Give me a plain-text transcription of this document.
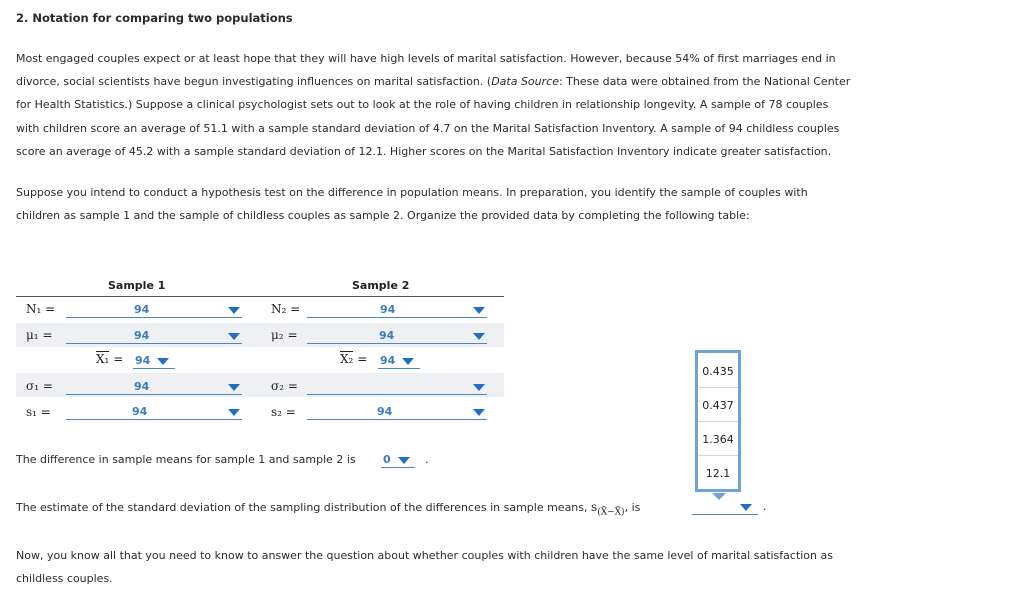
2. Notation for comparing two populations
Most engaged couples expect or at least hope that they will have high levels of marital satisfaction. However, because 54% of first marriages end in
divorce, social scientists have begun investigating influences on marital satisfaction. (Data Source: These data were obtained from the National Center
for Health Statistics.) Suppose a clinical psychologist sets out to look at the role of having children in relationship longevity. A sample of 78 couples
with children score an average of 51.1 with a sample standard deviation of 4.7 on the Marital Satisfaction Inventory. A sample of 94 childless couples
score an average of 45.2 with a sample standard deviation of 12.1. Higher scores on the Marital Satisfaction Inventory indicate greater satisfaction.
Suppose you intend to conduct a hypothesis test on the difference in population means. In preparation, you identify the sample of couples with
children as sample 1 and the sample of childless couples as sample 2. Organize the provided data by completing the following table:
Sample 1	Sample 2
N₁ =	94	N₂ =	94
μ₁ =	94	μ₂ =	94
X₁ = 94	X₂ = 94
σ₁ =	94	σ₂ =
s₁ =	94	s₂ =	94
The difference in sample means for sample 1 and sample 2 is 0	.
The estimate of the standard deviation of the sampling distribution of the differences in sample means, $s_{(X̄-X̄)}$, is	.
0.435
0.437
1.364
12.1
Now, you know all that you need to know to answer the question about whether couples with children have the same level of marital satisfaction as
childless couples.
